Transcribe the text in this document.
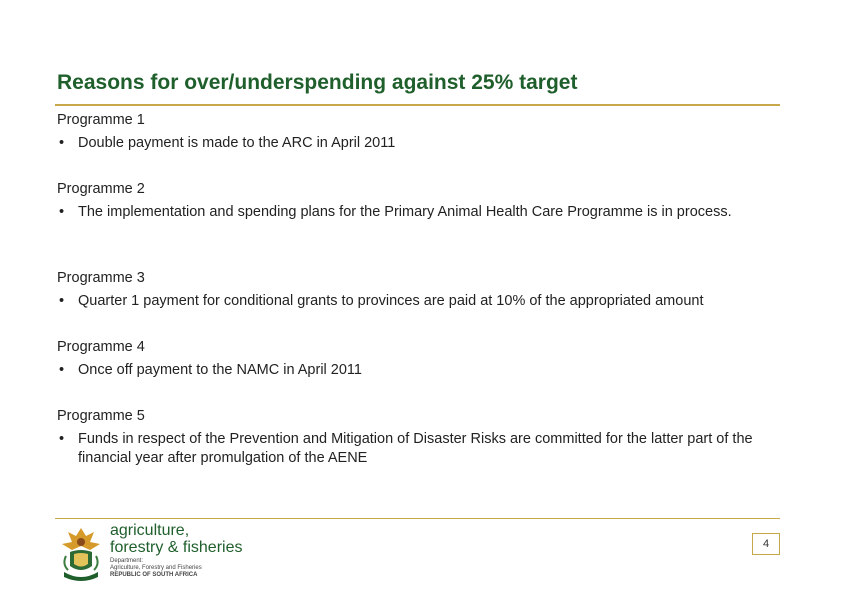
Reasons for over/underspending against 25% target
Programme 1
• Double payment is made to the ARC in April 2011
Programme 2
• The implementation and spending plans for the Primary Animal Health Care Programme is in process.
Programme 3
• Quarter 1 payment for conditional grants to provinces are paid at 10% of the appropriated amount
Programme 4
• Once off payment to the NAMC in April 2011
Programme 5
• Funds in respect of the Prevention and Mitigation of Disaster Risks are committed for the latter part of the financial year after promulgation of the AENE
agriculture,
forestry & fisheries
Department:
Agriculture, Forestry and Fisheries
REPUBLIC OF SOUTH AFRICA
4
